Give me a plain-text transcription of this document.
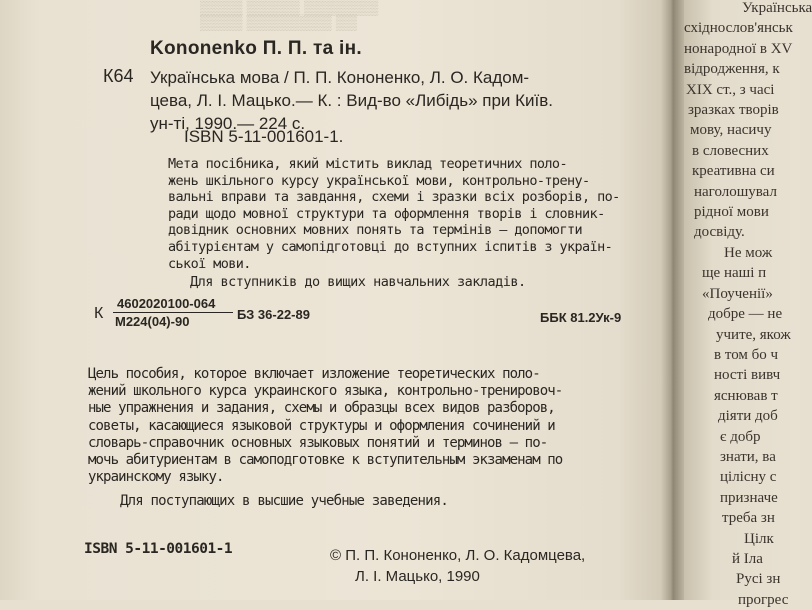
▒▒▒▒ ▒▒▒▒▒ ▒▒▒▒▒▒▒
▒▒▒▒ ▒▒▒▒▒▒▒▒ ▒▒
Kononenko П. П. та ін.
К64 Українська мова / П. П. Кононенко, Л. О. Кадом-
цева, Л. І. Мацько.— К. : Вид-во «Либідь» при Київ.
ун-ті, 1990.— 224 с.
ISBN 5-11-001601-1.
Мета посібника, який містить виклад теоретичних поло-
жень шкільного курсу української мови, контрольно-трену-
вальні вправи та завдання, схеми і зразки всіх розборів, по-
ради щодо мовної структури та оформлення творів і словник-
довідник основних мовних понять та термінів — допомогти
абітурієнтам у самопідготовці до вступних іспитів з україн-
ської мови.
Для вступників до вищих навчальних закладів.
К
4602020100-064
М224(04)-90	БЗ 36-22-89	ББК 81.2Ук-9
Цель пособия, которое включает изложение теоретических поло-
жений школьного курса украинского языка, контрольно-тренировоч-
ные упражнения и задания, схемы и образцы всех видов разборов,
советы, касающиеся языковой структуры и оформления сочинений и
словарь-справочник основных языковых понятий и терминов — по-
мочь абитуриентам в самоподготовке к вступительным экзаменам по
украинскому языку.
Для поступающих в высшие учебные заведения.
ISBN 5-11-001601-1	© П. П. Кононенко, Л. О. Кадомцева,
Л. І. Мацько, 1990
Українська
східнослов'янськ
нонародної в XV
відродження, к
XIX ст., з часі
зразках творів
мову, насичу
в словесних
креативна си
наголошувал
рідної мови
досвіду.
Не мож
ще наші п
«Поученії»
добре — не
учите, якож
в том бо ч
ності вивч
яснював т
діяти доб
є добр
знати, ва
цілісну с
призначе
треба зн
Цілк
й Іла
Русі зн
прогрес
